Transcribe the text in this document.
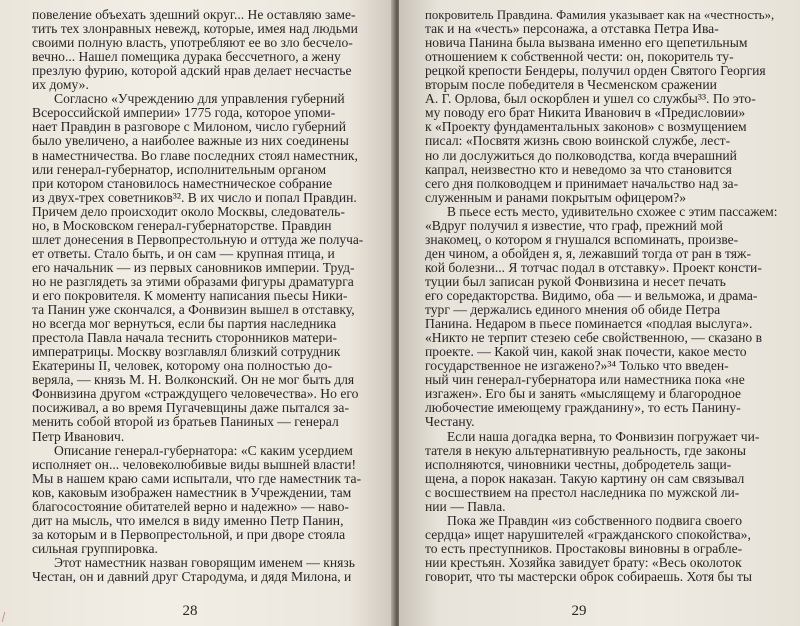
повеление объехать здешний округ... Не оставляю заме-
тить тех злонравных невежд, которые, имея над людьми
своими полную власть, употребляют ее во зло бесчело-
вечно... Нашел помещика дурака бессчетного, а жену
презлую фурию, которой адский нрав делает несчастье
их дому».
Согласно «Учреждению для управления губерний
Всероссийской империи» 1775 года, которое упоми-
нает Правдин в разговоре с Милоном, число губерний
было увеличено, а наиболее важные из них соединены
в наместничества. Во главе последних стоял наместник,
или генерал-губернатор, исполнительным органом
при котором становилось наместническое собрание
из двух-трех советников³². В их число и попал Правдин.
Причем дело происходит около Москвы, следователь-
но, в Московском генерал-губернаторстве. Правдин
шлет донесения в Первопрестольную и оттуда же получа-
ет ответы. Стало быть, и он сам — крупная птица, и
его начальник — из первых сановников империи. Труд-
но не разглядеть за этими образами фигуры драматурга
и его покровителя. К моменту написания пьесы Ники-
та Панин уже скончался, а Фонвизин вышел в отставку,
но всегда мог вернуться, если бы партия наследника
престола Павла начала теснить сторонников матери-
императрицы. Москву возглавлял близкий сотрудник
Екатерины II, человек, которому она полностью до-
веряла, — князь М. Н. Волконский. Он не мог быть для
Фонвизина другом «страждущего человечества». Но его
посиживал, а во время Пугачевщины даже пытался за-
менить собой второй из братьев Паниных — генерал
Петр Иванович.
Описание генерал-губернатора: «С каким усердием
исполняет он... человеколюбивые виды вышней власти!
Мы в нашем краю сами испытали, что где наместник та-
ков, каковым изображен наместник в Учреждении, там
благосостояние обитателей верно и надежно» — наво-
дит на мысль, что имелся в виду именно Петр Панин,
за которым и в Первопрестольной, и при дворе стояла
сильная группировка.
Этот наместник назван говорящим именем — князь
Честан, он и давний друг Стародума, и дядя Милона, и
28
покровитель Правдина. Фамилия указывает как на «честность»,
так и на «честь» персонажа, а отставка Петра Ива-
новича Панина была вызвана именно его щепетильным
отношением к собственной чести: он, покоритель ту-
рецкой крепости Бендеры, получил орден Святого Георгия
вторым после победителя в Чесменском сражении
А. Г. Орлова, был оскорблен и ушел со службы³³. По это-
му поводу его брат Никита Иванович в «Предисловии»
к «Проекту фундаментальных законов» с возмущением
писал: «Посвятя жизнь свою воинской службе, лест-
но ли дослужиться до полководства, когда вчерашний
капрал, неизвестно кто и неведомо за что становится
сего дня полководцем и принимает начальство над за-
служенным и ранами покрытым офицером?»
В пьесе есть место, удивительно схожее с этим пассажем:
«Вдруг получил я известие, что граф, прежний мой
знакомец, о котором я гнушался вспоминать, произве-
ден чином, а обойден я, я, лежавший тогда от ран в тяж-
кой болезни... Я тотчас подал в отставку». Проект консти-
туции был записан рукой Фонвизина и несет печать
его соредакторства. Видимо, оба — и вельможа, и драма-
тург — держались единого мнения об обиде Петра
Панина. Недаром в пьесе поминается «подлая выслуга».
«Никто не терпит стезею себе свойственною, — сказано в
проекте. — Какой чин, какой знак почести, какое место
государственное не изгажено?»³⁴ Только что введен-
ный чин генерал-губернатора или наместника пока «не
изгажен». Его бы и занять «мыслящему и благородное
любочестие имеющему гражданину», то есть Панину-
Честану.
Если наша догадка верна, то Фонвизин погружает чи-
тателя в некую альтернативную реальность, где законы
исполняются, чиновники честны, добродетель защи-
щена, а порок наказан. Такую картину он сам связывал
с восшествием на престол наследника по мужской ли-
нии — Павла.
Пока же Правдин «из собственного подвига своего
сердца» ищет нарушителей «гражданского спокойства»,
то есть преступников. Простаковы виновны в ограбле-
нии крестьян. Хозяйка завидует брату: «Весь околоток
говорит, что ты мастерски оброк собираешь. Хотя бы ты
29
